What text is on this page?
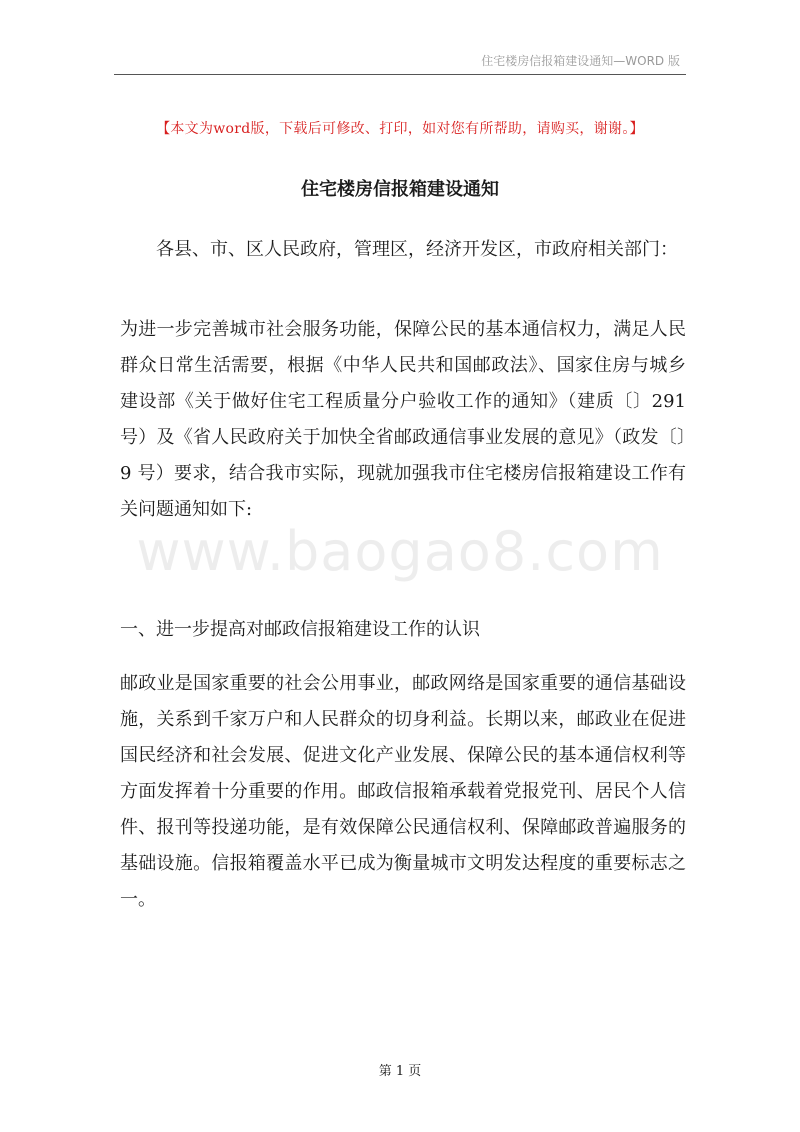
住宅楼房信报箱建设通知—WORD 版
【本文为word版，下载后可修改、打印，如对您有所帮助，请购买，谢谢。】
住宅楼房信报箱建设通知

各县、市、区人民政府，管理区，经济开发区，市政府相关部门：

为进一步完善城市社会服务功能，保障公民的基本通信权力，满足人民群众日常生活需要，根据《中华人民共和国邮政法》、国家住房与城乡建设部《关于做好住宅工程质量分户验收工作的通知》（建质〔〕291 号）及《省人民政府关于加快全省邮政通信事业发展的意见》（政发〔〕9 号）要求，结合我市实际，现就加强我市住宅楼房信报箱建设工作有关问题通知如下:

www.baogao8.com

一、进一步提高对邮政信报箱建设工作的认识

邮政业是国家重要的社会公用事业，邮政网络是国家重要的通信基础设施，关系到千家万户和人民群众的切身利益。长期以来，邮政业在促进国民经济和社会发展、促进文化产业发展、保障公民的基本通信权利等方面发挥着十分重要的作用。邮政信报箱承载着党报党刊、居民个人信件、报刊等投递功能，是有效保障公民通信权利、保障邮政普遍服务的基础设施。信报箱覆盖水平已成为衡量城市文明发达程度的重要标志之一。

第 1 页
